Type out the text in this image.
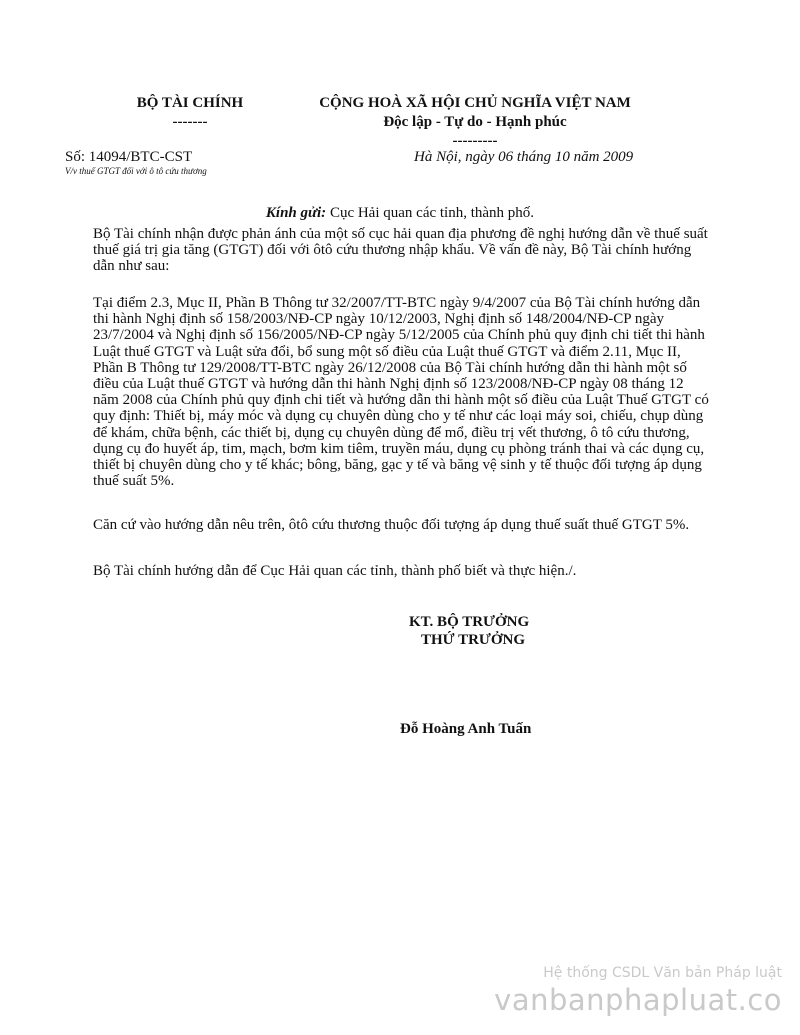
BỘ TÀI CHÍNH
-------
CỘNG HOÀ XÃ HỘI CHỦ NGHĨA VIỆT NAM
Độc lập - Tự do - Hạnh phúc
---------
Số: 14094/BTC-CST
V/v thuế GTGT đối với ô tô cứu thương
Hà Nội, ngày 06 tháng 10 năm 2009
Kính gửi: Cục Hải quan các tỉnh, thành phố.

Bộ Tài chính nhận được phản ánh của một số cục hải quan địa phương đề nghị hướng dẫn về thuế suất thuế giá trị gia tăng (GTGT) đối với ôtô cứu thương nhập khẩu. Về vấn đề này, Bộ Tài chính hướng dẫn như sau:

Tại điểm 2.3, Mục II, Phần B Thông tư 32/2007/TT-BTC ngày 9/4/2007 của Bộ Tài chính hướng dẫn thi hành Nghị định số 158/2003/NĐ-CP ngày 10/12/2003, Nghị định số 148/2004/NĐ-CP ngày 23/7/2004 và Nghị định số 156/2005/NĐ-CP ngày 5/12/2005 của Chính phủ quy định chi tiết thi hành Luật thuế GTGT và Luật sửa đổi, bổ sung một số điều của Luật thuế GTGT và điểm 2.11, Mục II, Phần B Thông tư 129/2008/TT-BTC ngày 26/12/2008 của Bộ Tài chính hướng dẫn thi hành một số điều của Luật thuế GTGT và hướng dẫn thi hành Nghị định số 123/2008/NĐ-CP ngày 08 tháng 12 năm 2008 của Chính phủ quy định chi tiết và hướng dẫn thi hành một số điều của Luật Thuế GTGT có quy định: Thiết bị, máy móc và dụng cụ chuyên dùng cho y tế như các loại máy soi, chiếu, chụp dùng để khám, chữa bệnh, các thiết bị, dụng cụ chuyên dùng để mổ, điều trị vết thương, ô tô cứu thương, dụng cụ đo huyết áp, tim, mạch, bơm kim tiêm, truyền máu, dụng cụ phòng tránh thai và các dụng cụ, thiết bị chuyên dùng cho y tế khác; bông, băng, gạc y tế và băng vệ sinh y tế thuộc đối tượng áp dụng thuế suất 5%.

Căn cứ vào hướng dẫn nêu trên, ôtô cứu thương thuộc đối tượng áp dụng thuế suất thuế GTGT 5%.

Bộ Tài chính hướng dẫn để Cục Hải quan các tỉnh, thành phố biết và thực hiện./.

KT. BỘ TRƯỞNG
THỨ TRƯỞNG
Đỗ Hoàng Anh Tuấn
Hệ thống CSDL Văn bản Pháp luật
vanbanphapluat.co
